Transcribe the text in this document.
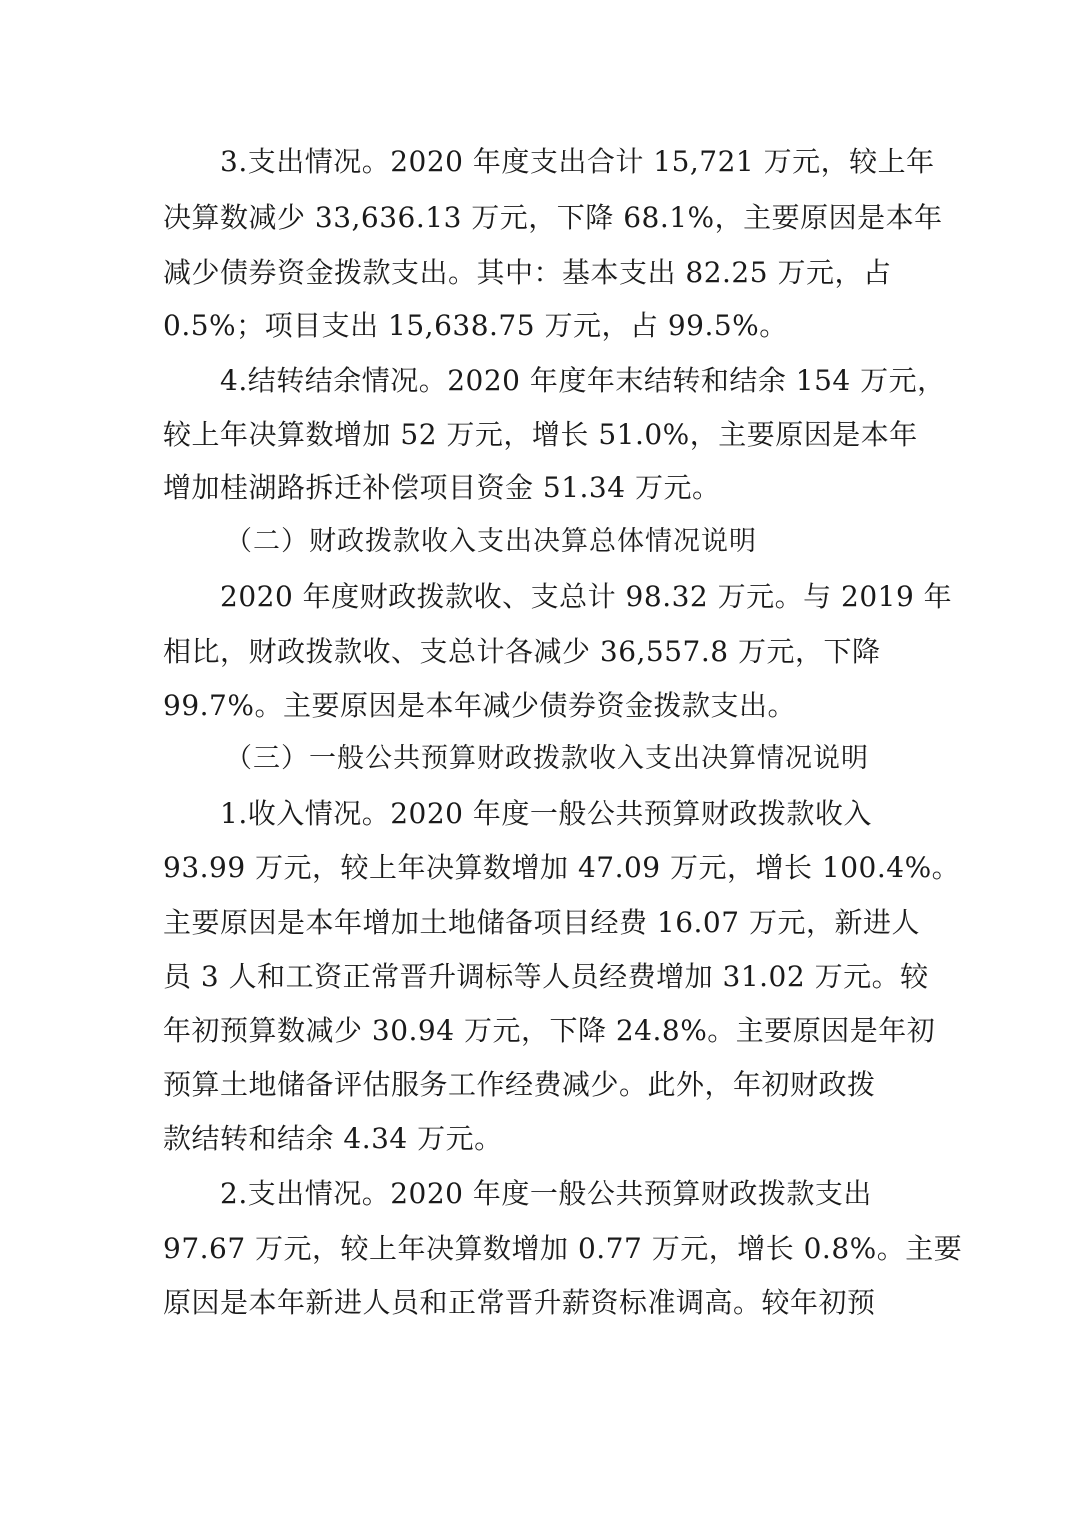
3.支出情况。2020 年度支出合计 15,721 万元，较上年
决算数减少 33,636.13 万元，下降 68.1%，主要原因是本年
减少债券资金拨款支出。其中：基本支出 82.25 万元，占
0.5%；项目支出 15,638.75 万元，占 99.5%。
4.结转结余情况。2020 年度年末结转和结余 154 万元，
较上年决算数增加 52 万元，增长 51.0%，主要原因是本年
增加桂湖路拆迁补偿项目资金 51.34 万元。
（二）财政拨款收入支出决算总体情况说明
2020 年度财政拨款收、支总计 98.32 万元。与 2019 年
相比，财政拨款收、支总计各减少 36,557.8 万元，下降
99.7%。主要原因是本年减少债券资金拨款支出。
（三）一般公共预算财政拨款收入支出决算情况说明
1.收入情况。2020 年度一般公共预算财政拨款收入
93.99 万元，较上年决算数增加 47.09 万元，增长 100.4%。
主要原因是本年增加土地储备项目经费 16.07 万元，新进人
员 3 人和工资正常晋升调标等人员经费增加 31.02 万元。较
年初预算数减少 30.94 万元，下降 24.8%。主要原因是年初
预算土地储备评估服务工作经费减少。此外，年初财政拨
款结转和结余 4.34 万元。
2.支出情况。2020 年度一般公共预算财政拨款支出
97.67 万元，较上年决算数增加 0.77 万元，增长 0.8%。主要
原因是本年新进人员和正常晋升薪资标准调高。较年初预
